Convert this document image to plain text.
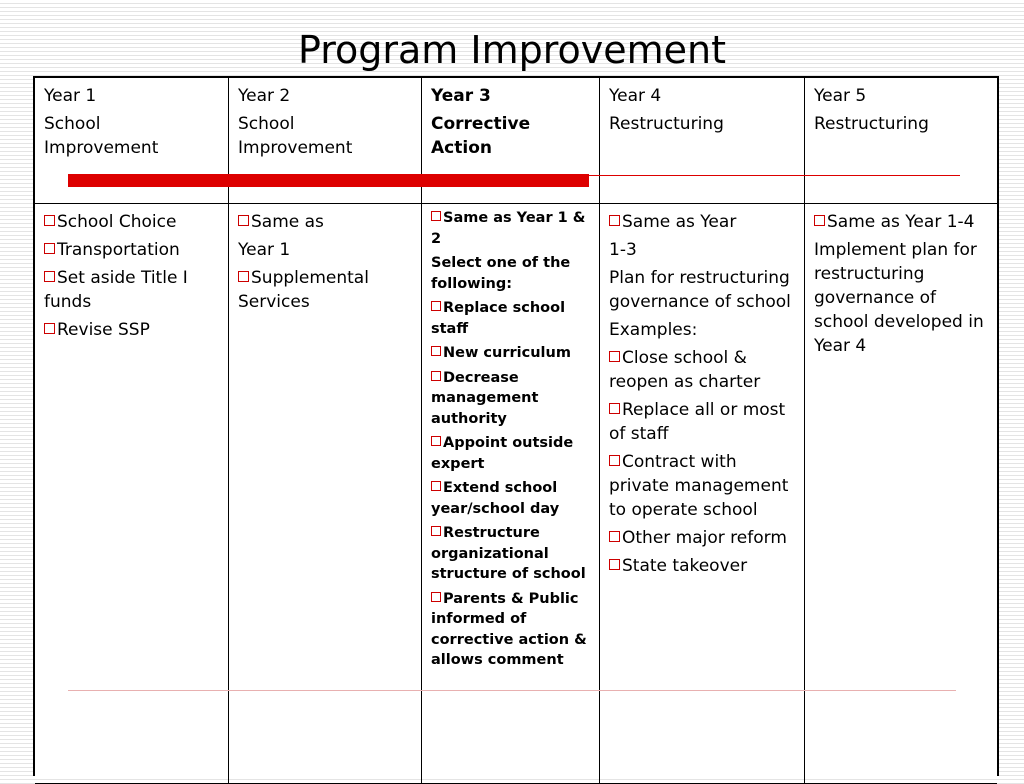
Program Improvement
Year 1
School Improvement
Year 2
School Improvement
Year 3
Corrective Action
Year 4
Restructuring
Year 5
Restructuring
School Choice
Transportation
Set aside Title I funds
Revise SSP
Same as
Year 1
Supplemental Services
Same as Year 1 & 2
Select one of the following:
Replace school staff
New curriculum
Decrease management authority
Appoint outside expert
Extend school year/school day
Restructure organizational structure of school
Parents & Public informed of corrective action & allows comment
Same as Year
1-3
Plan for restructuring governance of school
Examples:
Close school & reopen as charter
Replace all or most of staff
Contract with private management to operate school
Other major reform
State takeover
Same as Year 1-4
Implement plan for restructuring governance of school developed in Year 4
